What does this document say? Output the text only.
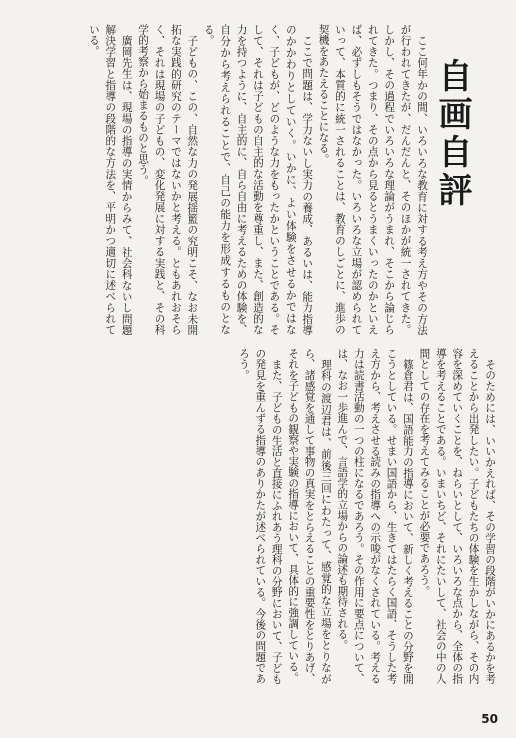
自画自評

ここ何年かの間、いろいろな教育に対する考え方やその方法が行われてきたが、だんだんと、そのほかが統一されてきた。しかし、その過程でいろいろな理論がうまれ、そこから論じられてきた。つまり、その点から見るとうまくいったのかといえば、必ずしもそうではなかった。いろいろな立場が認められていって、本質的に統一されることは、教育のしごとに、進歩の契機をあたえることになる。

ここで問題は、学力ないし実力の養成、あるいは、能力指導のかかわりとしていく。いかに、よい体験をさせるかではなく、子どもが、どのような力をもったかということである。そして、それは子どもの自主的な活動を尊重し、また、創造的な力を持つように、自主的に、自ら自由に考えるための体験を、自分から考えられることで、自己の能力を形成するものとなる。

子どもの、この、自然な力の発展揺籃の究明こそ、なお未開拓な実践的研究のテーマではないかと考える。ともあれおそらく、それは現場の子どもの、変化発展に対する実践と、その科学的考察から始まるものと思う。

廣岡先生は、現場の指導の実情からみて、社会科ないし問題解決学習と指導の段階的な方法を、平明かつ適切に述べられている。

そのためには、いいかえれば、その学習の段階がいかにあるかを考えることから出発したい。子どもたちの体験を生かしながら、その内容を深めていくことを、ねらいとして、いろいろな点から、全体の指導を考えることである。いまいちど、それにたいして、社会の中の人間としての存在を考えてみることが必要であろう。

篠倉君は、国語能力の指導において、新しく考えることの分野を開こうとしている。せまい国語から、生きてはたらく国語、そうした考え方から、考えさせる読みの指導への示唆がなくされている。考える力は読書活動の一つの柱になるであろう。その作用に要点について、は、なお一歩進んで、言語学的立場からの論述も期待される。

理科の渡辺君は、前後三回にわたって、感覚的な立場をとりながら、諸感覚を通して事物の真実をとらえることの重要性をとりあげ、それを子どもの観察や実験の指導において、具体的に強調している。

また、子どもの生活と直接にふれあう理科の分野において、子どもの発見を重んずる指導のありかたが述べられている。今後の問題であろう。

50
